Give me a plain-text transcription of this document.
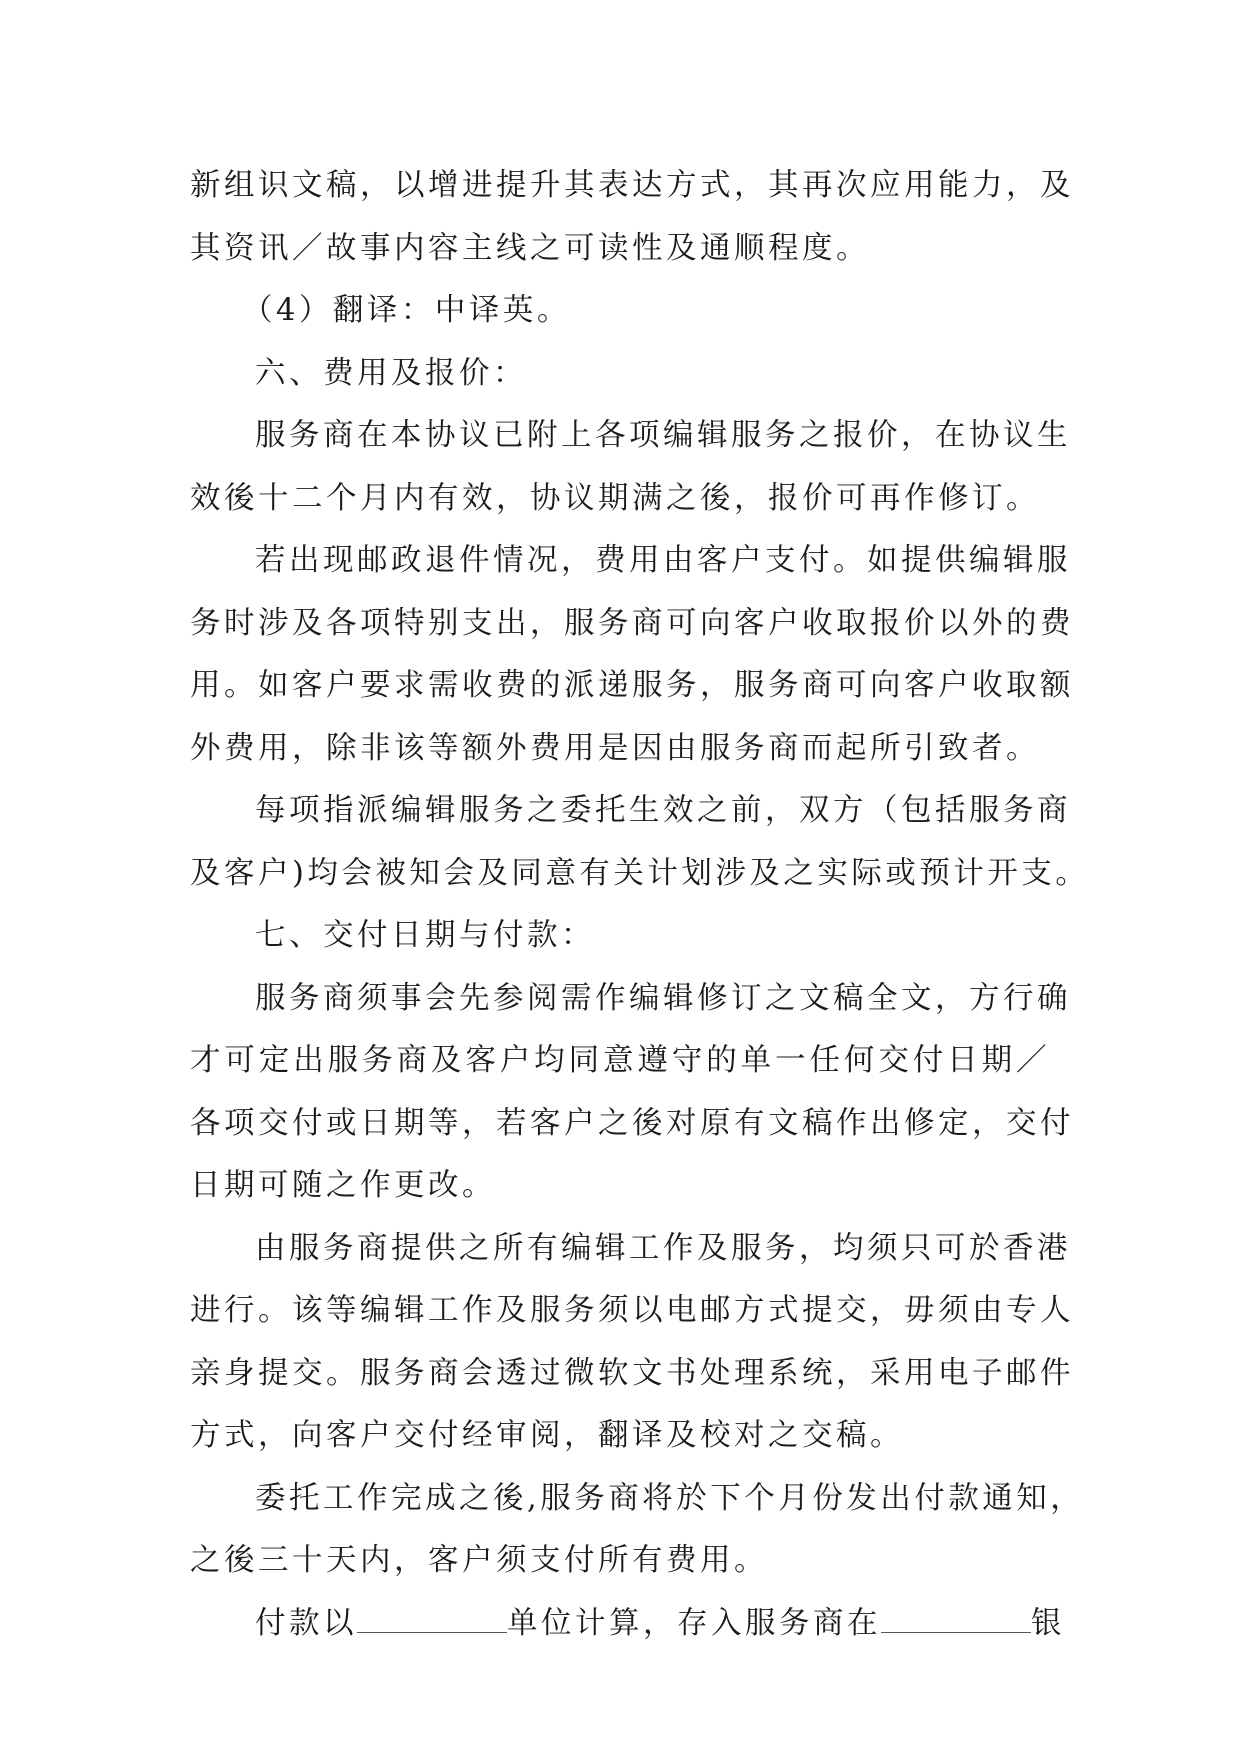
新组识文稿，以增进提升其表达方式，其再次应用能力，及
其资讯／故事内容主线之可读性及通顺程度。
（4）翻译：中译英。
六、费用及报价：
服务商在本协议已附上各项编辑服务之报价，在协议生
效後十二个月内有效，协议期满之後，报价可再作修订。
若出现邮政退件情况，费用由客户支付。如提供编辑服
务时涉及各项特别支出，服务商可向客户收取报价以外的费
用。如客户要求需收费的派递服务，服务商可向客户收取额
外费用，除非该等额外费用是因由服务商而起所引致者。
每项指派编辑服务之委托生效之前，双方（包括服务商
及客户)均会被知会及同意有关计划涉及之实际或预计开支。
七、交付日期与付款：
服务商须事会先参阅需作编辑修订之文稿全文，方行确
才可定出服务商及客户均同意遵守的单一任何交付日期／
各项交付或日期等，若客户之後对原有文稿作出修定，交付
日期可随之作更改。
由服务商提供之所有编辑工作及服务，均须只可於香港
进行。该等编辑工作及服务须以电邮方式提交，毋须由专人
亲身提交。服务商会透过微软文书处理系统，采用电子邮件
方式，向客户交付经审阅，翻译及校对之交稿。
委托工作完成之後,服务商将於下个月份发出付款通知，
之後三十天内，客户须支付所有费用。
付款以	单位计算，存入服务商在	银
